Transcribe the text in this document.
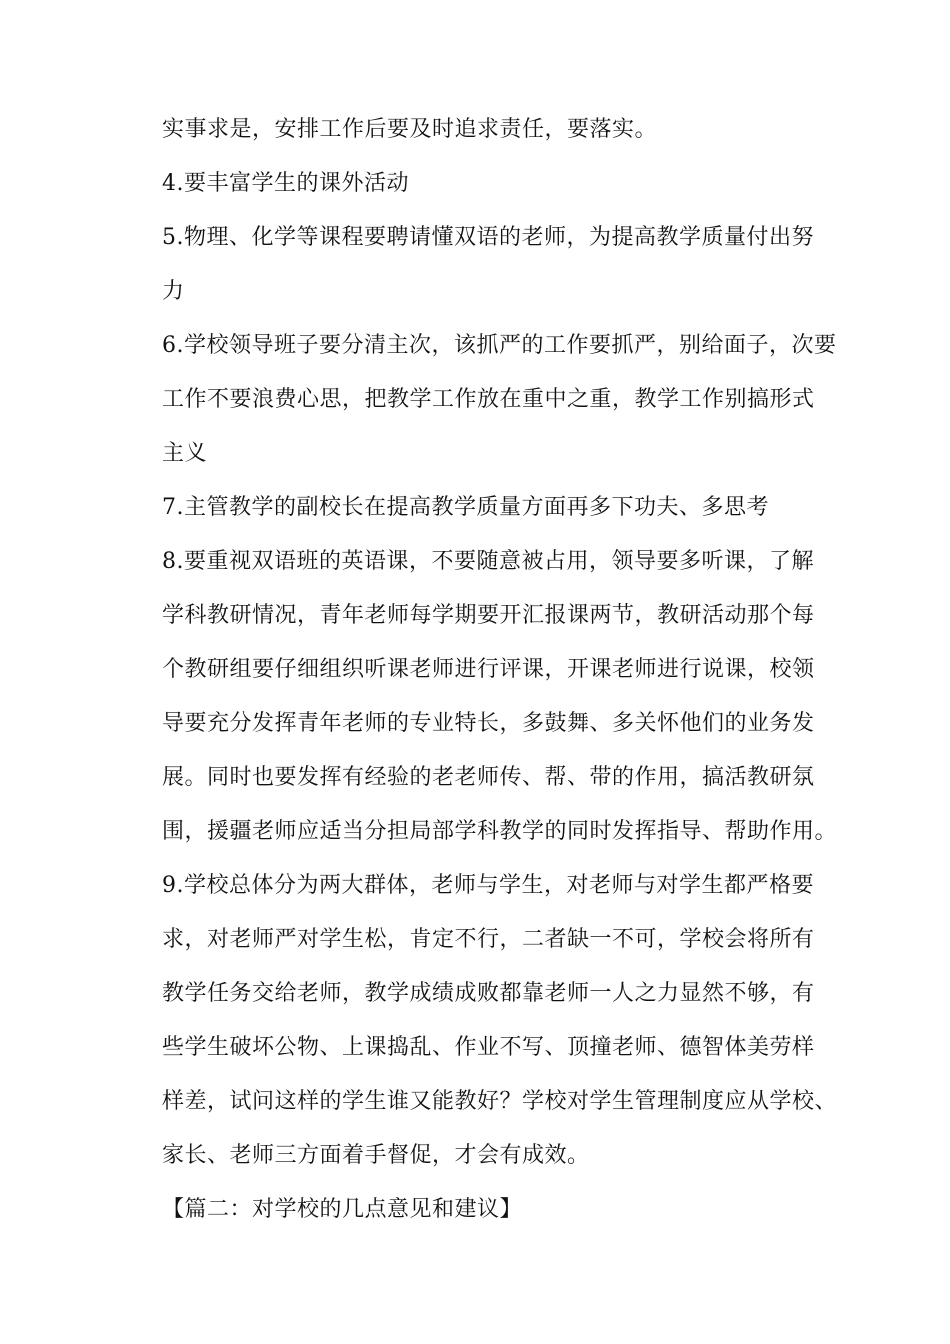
实事求是，安排工作后要及时追求责任，要落实。
4.要丰富学生的课外活动
5.物理、化学等课程要聘请懂双语的老师，为提高教学质量付出努
力
6.学校领导班子要分清主次，该抓严的工作要抓严，别给面子，次要
工作不要浪费心思，把教学工作放在重中之重，教学工作别搞形式
主义
7.主管教学的副校长在提高教学质量方面再多下功夫、多思考
8.要重视双语班的英语课，不要随意被占用，领导要多听课，了解
学科教研情况，青年老师每学期要开汇报课两节，教研活动那个每
个教研组要仔细组织听课老师进行评课，开课老师进行说课，校领
导要充分发挥青年老师的专业特长，多鼓舞、多关怀他们的业务发
展。同时也要发挥有经验的老老师传、帮、带的作用，搞活教研氛
围，援疆老师应适当分担局部学科教学的同时发挥指导、帮助作用。
9.学校总体分为两大群体，老师与学生，对老师与对学生都严格要
求，对老师严对学生松，肯定不行，二者缺一不可，学校会将所有
教学任务交给老师，教学成绩成败都靠老师一人之力显然不够，有
些学生破坏公物、上课捣乱、作业不写、顶撞老师、德智体美劳样
样差，试问这样的学生谁又能教好？学校对学生管理制度应从学校、
家长、老师三方面着手督促，才会有成效。
【篇二：对学校的几点意见和建议】
